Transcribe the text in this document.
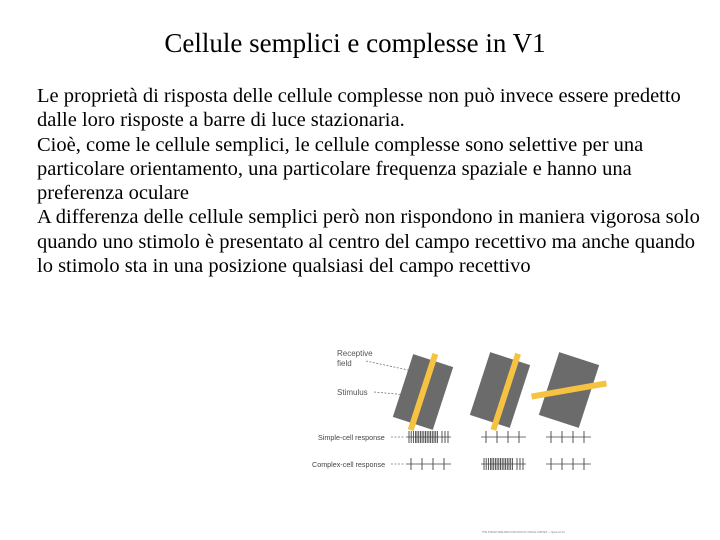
Cellule semplici e complesse in V1

Le proprietà di risposta delle cellule complesse non può invece essere predetto dalle loro risposte a barre di luce stazionaria.

Cioè, come le cellule semplici, le cellule complesse sono selettive per una particolare orientamento, una particolare frequenza spaziale e hanno una preferenza oculare

A differenza delle cellule semplici però non rispondono in maniera vigorosa solo quando uno stimolo è presentato al centro del campo recettivo ma anche quando lo stimolo sta in una posizione qualsiasi del campo recettivo

Receptive
field
Stimulus
Simple-cell response
Complex-cell response
THE STRUCTURE AND FUNCTION OF VISUAL CORTEX — figure 10-13
